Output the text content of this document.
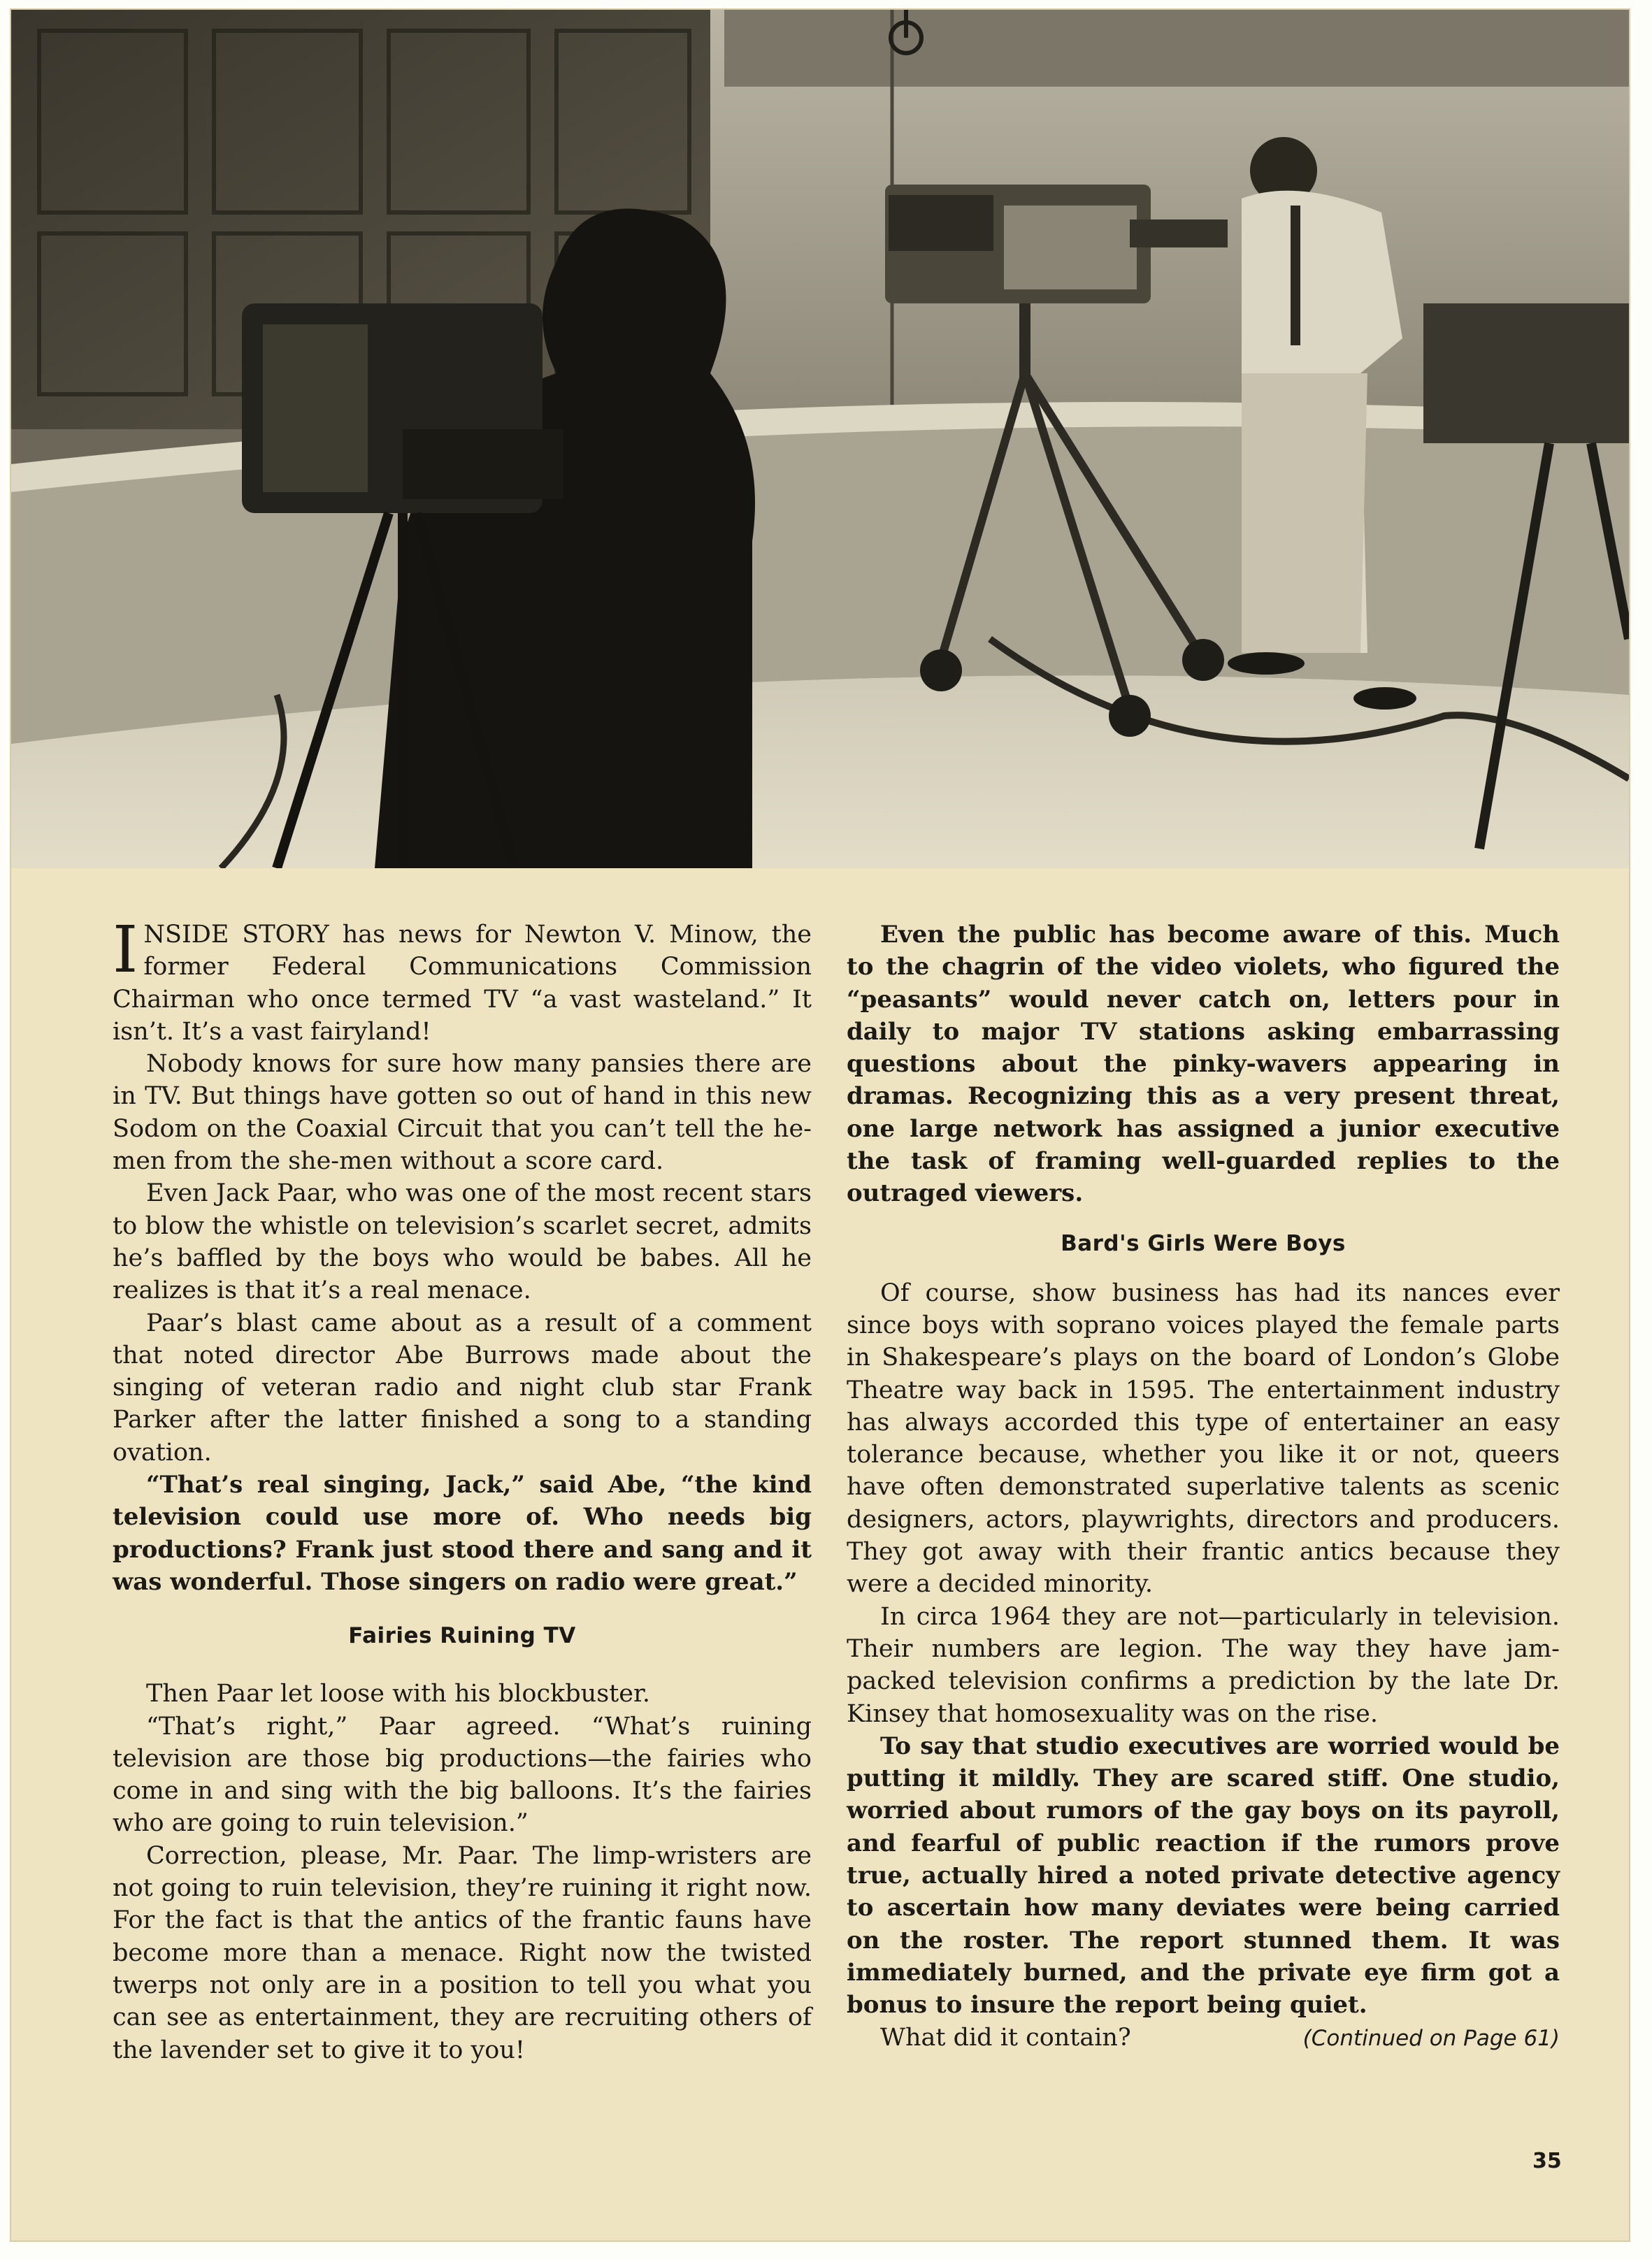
INSIDE STORY has news for Newton V. Minow, the former Federal Communications Commission Chairman who once termed TV “a vast wasteland.” It isn’t. It’s a vast fairyland!

Nobody knows for sure how many pansies there are in TV. But things have gotten so out of hand in this new Sodom on the Coaxial Circuit that you can’t tell the he-men from the she-men without a score card.

Even Jack Paar, who was one of the most recent stars to blow the whistle on television’s scarlet secret, admits he’s baffled by the boys who would be babes. All he realizes is that it’s a real menace.

Paar’s blast came about as a result of a comment that noted director Abe Burrows made about the singing of veteran radio and night club star Frank Parker after the latter finished a song to a standing ovation.

“That’s real singing, Jack,” said Abe, “the kind television could use more of. Who needs big productions? Frank just stood there and sang and it was wonderful. Those singers on radio were great.”

Fairies Ruining TV

Then Paar let loose with his blockbuster.

“That’s right,” Paar agreed. “What’s ruining television are those big productions—the fairies who come in and sing with the big balloons. It’s the fairies who are going to ruin television.”

Correction, please, Mr. Paar. The limp-wristers are not going to ruin television, they’re ruining it right now. For the fact is that the antics of the frantic fauns have become more than a menace. Right now the twisted twerps not only are in a position to tell you what you can see as entertainment, they are recruiting others of the lavender set to give it to you!

Even the public has become aware of this. Much to the chagrin of the video violets, who figured the “peasants” would never catch on, letters pour in daily to major TV stations asking embarrassing questions about the pinky-wavers appearing in dramas. Recognizing this as a very present threat, one large network has assigned a junior executive the task of framing well-guarded replies to the outraged viewers.

Bard's Girls Were Boys

Of course, show business has had its nances ever since boys with soprano voices played the female parts in Shakespeare’s plays on the board of London’s Globe Theatre way back in 1595. The entertainment industry has always accorded this type of entertainer an easy tolerance because, whether you like it or not, queers have often demonstrated superlative talents as scenic designers, actors, playwrights, directors and producers. They got away with their frantic antics because they were a decided minority.

In circa 1964 they are not—particularly in television. Their numbers are legion. The way they have jam-packed television confirms a prediction by the late Dr. Kinsey that homosexuality was on the rise.

To say that studio executives are worried would be putting it mildly. They are scared stiff. One studio, worried about rumors of the gay boys on its payroll, and fearful of public reaction if the rumors prove true, actually hired a noted private detective agency to ascertain how many deviates were being carried on the roster. The report stunned them. It was immediately burned, and the private eye firm got a bonus to insure the report being quiet.

What did it contain?	(Continued on Page 61)
35
